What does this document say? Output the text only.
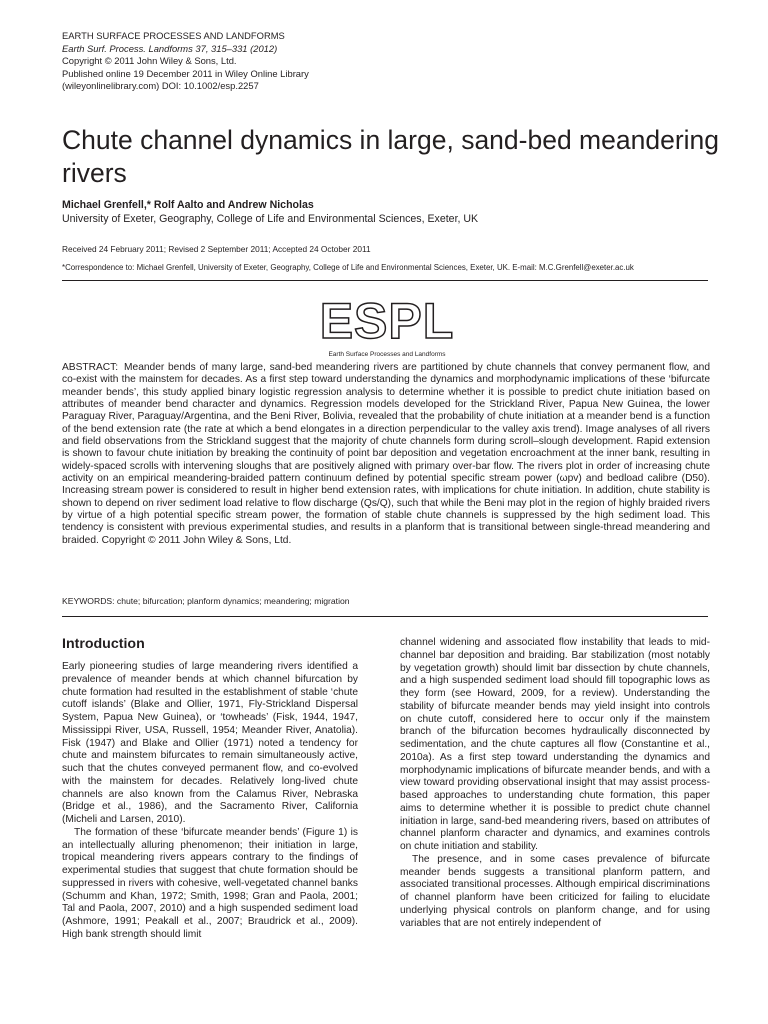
EARTH SURFACE PROCESSES AND LANDFORMS
Earth Surf. Process. Landforms 37, 315–331 (2012)
Copyright © 2011 John Wiley & Sons, Ltd.
Published online 19 December 2011 in Wiley Online Library
(wileyonlinelibrary.com) DOI: 10.1002/esp.2257
Chute channel dynamics in large, sand-bed meandering rivers
Michael Grenfell,* Rolf Aalto and Andrew Nicholas
University of Exeter, Geography, College of Life and Environmental Sciences, Exeter, UK
Received 24 February 2011; Revised 2 September 2011; Accepted 24 October 2011
*Correspondence to: Michael Grenfell, University of Exeter, Geography, College of Life and Environmental Sciences, Exeter, UK. E-mail: M.C.Grenfell@exeter.ac.uk
ESPL
Earth Surface Processes and Landforms

ABSTRACT: Meander bends of many large, sand-bed meandering rivers are partitioned by chute channels that convey permanent flow, and co-exist with the mainstem for decades. As a first step toward understanding the dynamics and morphodynamic implications of these ‘bifurcate meander bends’, this study applied binary logistic regression analysis to determine whether it is possible to predict chute initiation based on attributes of meander bend character and dynamics. Regression models developed for the Strickland River, Papua New Guinea, the lower Paraguay River, Paraguay/Argentina, and the Beni River, Bolivia, revealed that the probability of chute initiation at a meander bend is a function of the bend extension rate (the rate at which a bend elongates in a direction perpendicular to the valley axis trend). Image analyses of all rivers and field observations from the Strickland suggest that the majority of chute channels form during scroll–slough development. Rapid extension is shown to favour chute initiation by breaking the continuity of point bar deposition and vegetation encroachment at the inner bank, resulting in widely-spaced scrolls with intervening sloughs that are positively aligned with primary over-bar flow. The rivers plot in order of increasing chute activity on an empirical meandering-braided pattern continuum defined by potential specific stream power (ωpv) and bedload calibre (D50). Increasing stream power is considered to result in higher bend extension rates, with implications for chute initiation. In addition, chute stability is shown to depend on river sediment load relative to flow discharge (Qs/Q), such that while the Beni may plot in the region of highly braided rivers by virtue of a high potential specific stream power, the formation of stable chute channels is suppressed by the high sediment load. This tendency is consistent with previous experimental studies, and results in a planform that is transitional between single-thread meandering and braided. Copyright © 2011 John Wiley & Sons, Ltd.

KEYWORDS: chute; bifurcation; planform dynamics; meandering; migration
Introduction

Early pioneering studies of large meandering rivers identified a prevalence of meander bends at which channel bifurcation by chute formation had resulted in the establishment of stable ‘chute cutoff islands’ (Blake and Ollier, 1971, Fly-Strickland Dispersal System, Papua New Guinea), or ‘towheads’ (Fisk, 1944, 1947, Mississippi River, USA, Russell, 1954; Meander River, Anatolia). Fisk (1947) and Blake and Ollier (1971) noted a tendency for chute and mainstem bifurcates to remain simultaneously active, such that the chutes conveyed permanent flow, and co-evolved with the mainstem for decades. Relatively long-lived chute channels are also known from the Calamus River, Nebraska (Bridge et al., 1986), and the Sacramento River, California (Micheli and Larsen, 2010).

The formation of these ‘bifurcate meander bends’ (Figure 1) is an intellectually alluring phenomenon; their initiation in large, tropical meandering rivers appears contrary to the findings of experimental studies that suggest that chute formation should be suppressed in rivers with cohesive, well-vegetated channel banks (Schumm and Khan, 1972; Smith, 1998; Gran and Paola, 2001; Tal and Paola, 2007, 2010) and a high suspended sediment load (Ashmore, 1991; Peakall et al., 2007; Braudrick et al., 2009). High bank strength should limit

channel widening and associated flow instability that leads to mid-channel bar deposition and braiding. Bar stabilization (most notably by vegetation growth) should limit bar dissection by chute channels, and a high suspended sediment load should fill topographic lows as they form (see Howard, 2009, for a review). Understanding the stability of bifurcate meander bends may yield insight into controls on chute cutoff, considered here to occur only if the mainstem branch of the bifurcation becomes hydraulically disconnected by sedimentation, and the chute captures all flow (Constantine et al., 2010a). As a first step toward understanding the dynamics and morphodynamic implications of bifurcate meander bends, and with a view toward providing observational insight that may assist process-based approaches to understanding chute formation, this paper aims to determine whether it is possible to predict chute channel initiation in large, sand-bed meandering rivers, based on attributes of channel planform character and dynamics, and examines controls on chute initiation and stability.

The presence, and in some cases prevalence of bifurcate meander bends suggests a transitional planform pattern, and associated transitional processes. Although empirical discriminations of channel planform have been criticized for failing to elucidate underlying physical controls on planform change, and for using variables that are not entirely independent of
